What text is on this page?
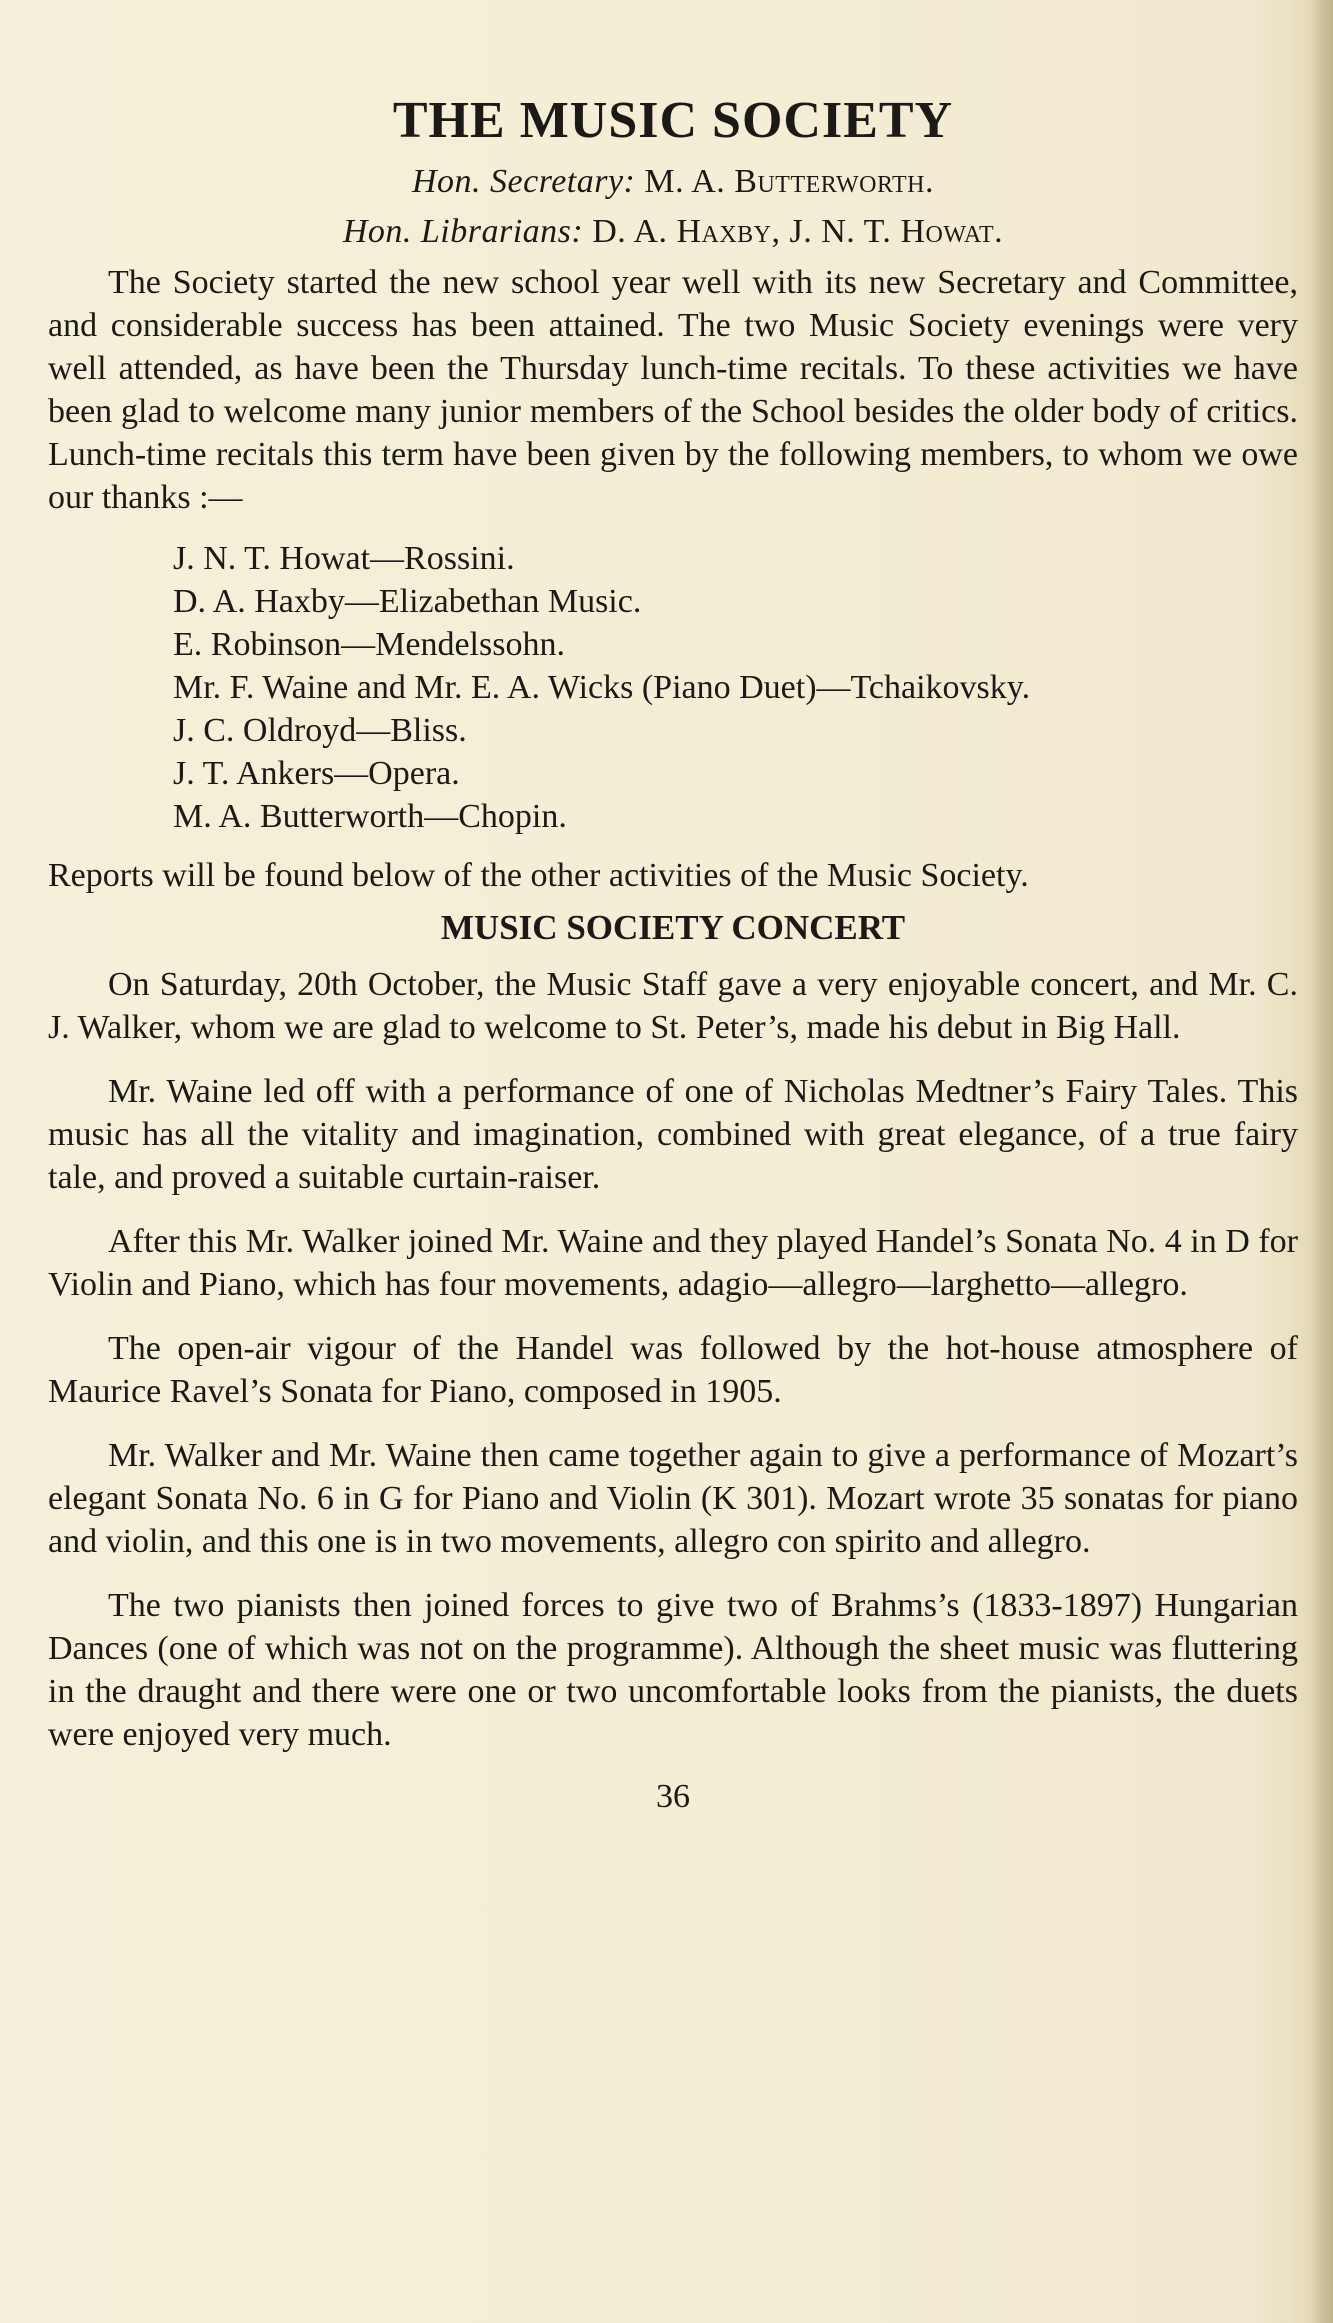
THE MUSIC SOCIETY
Hon. Secretary: M. A. Butterworth.
Hon. Librarians: D. A. Haxby, J. N. T. Howat.

The Society started the new school year well with its new Secretary and Committee, and considerable success has been attained. The two Music Society evenings were very well attended, as have been the Thursday lunch-time recitals. To these activities we have been glad to welcome many junior members of the School besides the older body of critics. Lunch-time recitals this term have been given by the following members, to whom we owe our thanks :—

J. N. T. Howat—Rossini.
D. A. Haxby—Elizabethan Music.
E. Robinson—Mendelssohn.
Mr. F. Waine and Mr. E. A. Wicks (Piano Duet)—Tchaikovsky.
J. C. Oldroyd—Bliss.
J. T. Ankers—Opera.
M. A. Butterworth—Chopin.

Reports will be found below of the other activities of the Music Society.

MUSIC SOCIETY CONCERT

On Saturday, 20th October, the Music Staff gave a very enjoyable concert, and Mr. C. J. Walker, whom we are glad to welcome to St. Peter’s, made his debut in Big Hall.

Mr. Waine led off with a performance of one of Nicholas Medtner’s Fairy Tales. This music has all the vitality and imagination, combined with great elegance, of a true fairy tale, and proved a suitable curtain-raiser.

After this Mr. Walker joined Mr. Waine and they played Handel’s Sonata No. 4 in D for Violin and Piano, which has four movements, adagio—allegro—larghetto—allegro.

The open-air vigour of the Handel was followed by the hot-house atmosphere of Maurice Ravel’s Sonata for Piano, composed in 1905.

Mr. Walker and Mr. Waine then came together again to give a performance of Mozart’s elegant Sonata No. 6 in G for Piano and Violin (K 301). Mozart wrote 35 sonatas for piano and violin, and this one is in two movements, allegro con spirito and allegro.

The two pianists then joined forces to give two of Brahms’s (1833-1897) Hungarian Dances (one of which was not on the programme). Although the sheet music was fluttering in the draught and there were one or two uncomfortable looks from the pianists, the duets were enjoyed very much.

36
